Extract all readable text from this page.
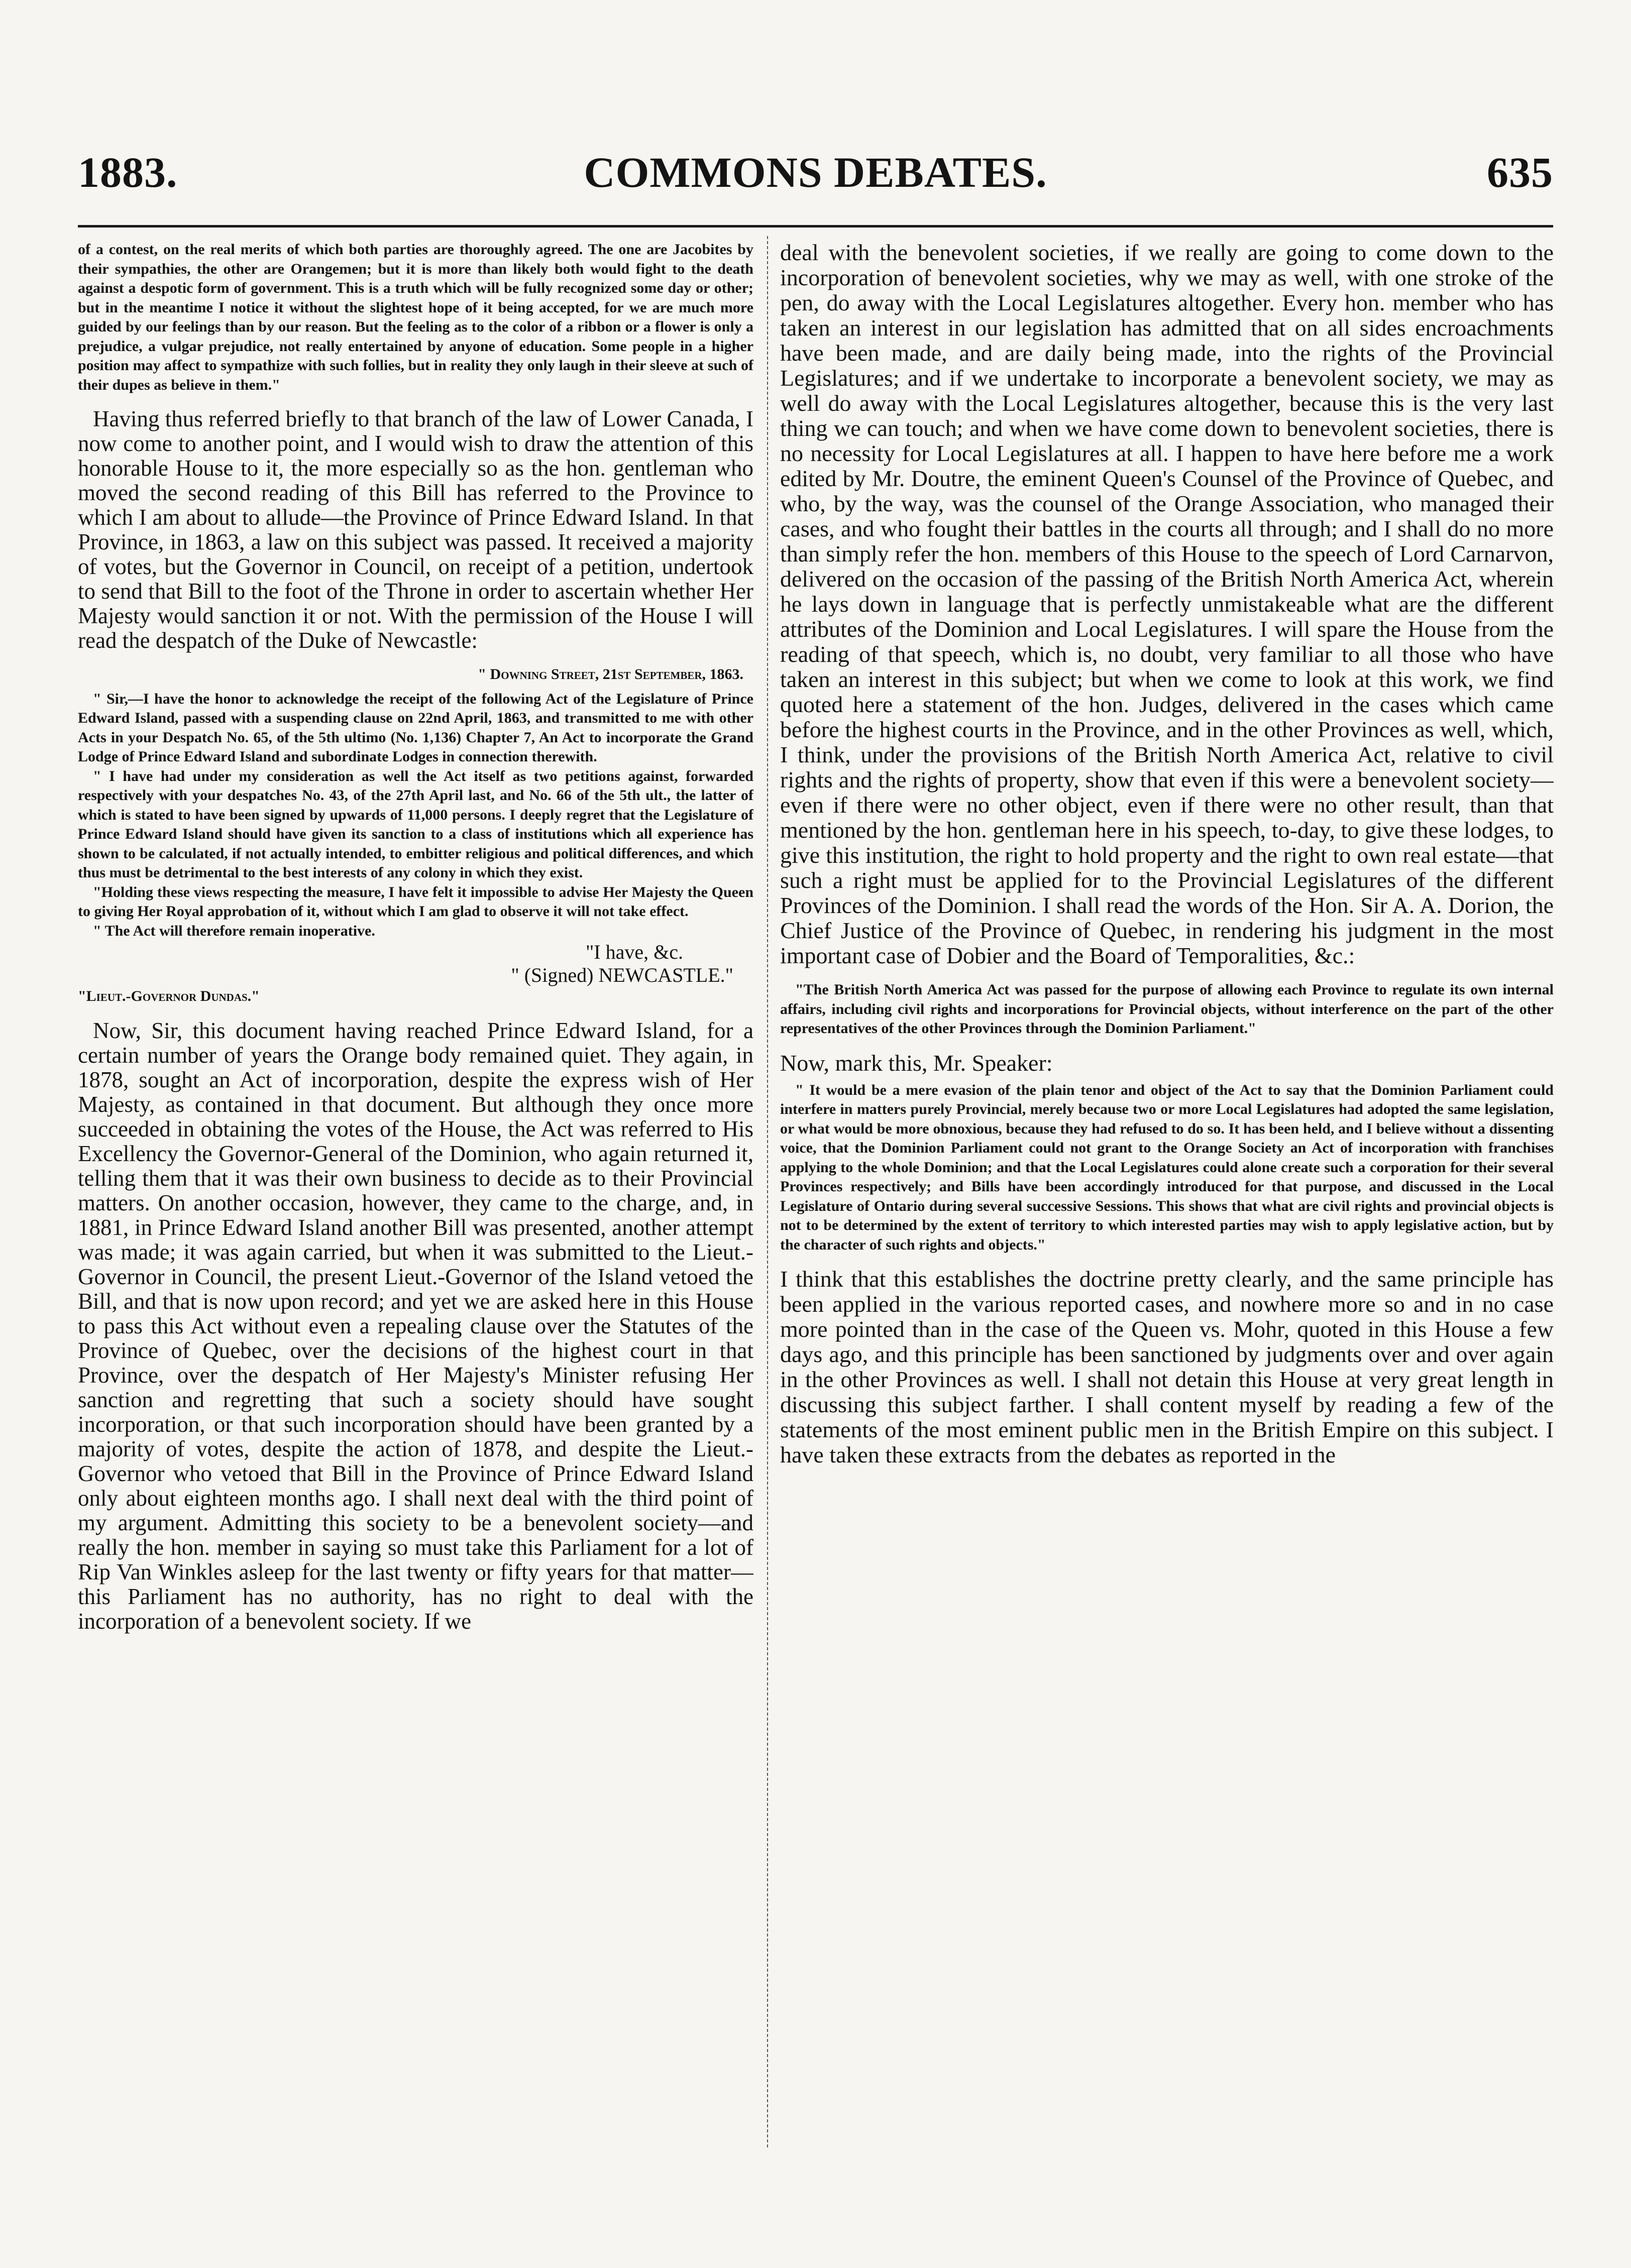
COMMONS DEBATES.
1883.	635

of a contest, on the real merits of which both parties are thoroughly agreed. The one are Jacobites by their sympathies, the other are Orangemen; but it is more than likely both would fight to the death against a despotic form of government. This is a truth which will be fully recognized some day or other; but in the meantime I notice it without the slightest hope of it being accepted, for we are much more guided by our feelings than by our reason. But the feeling as to the color of a ribbon or a flower is only a prejudice, a vulgar prejudice, not really entertained by anyone of education. Some people in a higher position may affect to sympathize with such follies, but in reality they only laugh in their sleeve at such of their dupes as believe in them."

Having thus referred briefly to that branch of the law of Lower Canada, I now come to another point, and I would wish to draw the attention of this honorable House to it, the more especially so as the hon. gentleman who moved the second reading of this Bill has referred to the Province to which I am about to allude—the Province of Prince Edward Island. In that Province, in 1863, a law on this subject was passed. It received a majority of votes, but the Governor in Council, on receipt of a petition, undertook to send that Bill to the foot of the Throne in order to ascertain whether Her Majesty would sanction it or not. With the permission of the House I will read the despatch of the Duke of Newcastle:

" Downing Street, 21st September, 1863.

" Sir,—I have the honor to acknowledge the receipt of the following Act of the Legislature of Prince Edward Island, passed with a suspending clause on 22nd April, 1863, and transmitted to me with other Acts in your Despatch No. 65, of the 5th ultimo (No. 1,136) Chapter 7, An Act to incorporate the Grand Lodge of Prince Edward Island and subordinate Lodges in connection therewith.

" I have had under my consideration as well the Act itself as two petitions against, forwarded respectively with your despatches No. 43, of the 27th April last, and No. 66 of the 5th ult., the latter of which is stated to have been signed by upwards of 11,000 persons. I deeply regret that the Legislature of Prince Edward Island should have given its sanction to a class of institutions which all experience has shown to be calculated, if not actually intended, to embitter religious and political differences, and which thus must be detrimental to the best interests of any colony in which they exist.

"Holding these views respecting the measure, I have felt it impossible to advise Her Majesty the Queen to giving Her Royal approbation of it, without which I am glad to observe it will not take effect.

" The Act will therefore remain inoperative.

"I have, &c.

" (Signed) NEWCASTLE."

"Lieut.-Governor Dundas."

Now, Sir, this document having reached Prince Edward Island, for a certain number of years the Orange body remained quiet. They again, in 1878, sought an Act of incorporation, despite the express wish of Her Majesty, as contained in that document. But although they once more succeeded in obtaining the votes of the House, the Act was referred to His Excellency the Governor-General of the Dominion, who again returned it, telling them that it was their own business to decide as to their Provincial matters. On another occasion, however, they came to the charge, and, in 1881, in Prince Edward Island another Bill was presented, another attempt was made; it was again carried, but when it was submitted to the Lieut.-Governor in Council, the present Lieut.-Governor of the Island vetoed the Bill, and that is now upon record; and yet we are asked here in this House to pass this Act without even a repealing clause over the Statutes of the Province of Quebec, over the decisions of the highest court in that Province, over the despatch of Her Majesty's Minister refusing Her sanction and regretting that such a society should have sought incorporation, or that such incorporation should have been granted by a majority of votes, despite the action of 1878, and despite the Lieut.-Governor who vetoed that Bill in the Province of Prince Edward Island only about eighteen months ago. I shall next deal with the third point of my argument. Admitting this society to be a benevolent society—and really the hon. member in saying so must take this Parliament for a lot of Rip Van Winkles asleep for the last twenty or fifty years for that matter—this Parliament has no authority, has no right to deal with the incorporation of a benevolent society. If we

deal with the benevolent societies, if we really are going to come down to the incorporation of benevolent societies, why we may as well, with one stroke of the pen, do away with the Local Legislatures altogether. Every hon. member who has taken an interest in our legislation has admitted that on all sides encroachments have been made, and are daily being made, into the rights of the Provincial Legislatures; and if we undertake to incorporate a benevolent society, we may as well do away with the Local Legislatures altogether, because this is the very last thing we can touch; and when we have come down to benevolent societies, there is no necessity for Local Legislatures at all. I happen to have here before me a work edited by Mr. Doutre, the eminent Queen's Counsel of the Province of Quebec, and who, by the way, was the counsel of the Orange Association, who managed their cases, and who fought their battles in the courts all through; and I shall do no more than simply refer the hon. members of this House to the speech of Lord Carnarvon, delivered on the occasion of the passing of the British North America Act, wherein he lays down in language that is perfectly unmistakeable what are the different attributes of the Dominion and Local Legislatures. I will spare the House from the reading of that speech, which is, no doubt, very familiar to all those who have taken an interest in this subject; but when we come to look at this work, we find quoted here a statement of the hon. Judges, delivered in the cases which came before the highest courts in the Province, and in the other Provinces as well, which, I think, under the provisions of the British North America Act, relative to civil rights and the rights of property, show that even if this were a benevolent society—even if there were no other object, even if there were no other result, than that mentioned by the hon. gentleman here in his speech, to-day, to give these lodges, to give this institution, the right to hold property and the right to own real estate—that such a right must be applied for to the Provincial Legislatures of the different Provinces of the Dominion. I shall read the words of the Hon. Sir A. A. Dorion, the Chief Justice of the Province of Quebec, in rendering his judgment in the most important case of Dobier and the Board of Temporalities, &c.:

"The British North America Act was passed for the purpose of allowing each Province to regulate its own internal affairs, including civil rights and incorporations for Provincial objects, without interference on the part of the other representatives of the other Provinces through the Dominion Parliament."

Now, mark this, Mr. Speaker:

" It would be a mere evasion of the plain tenor and object of the Act to say that the Dominion Parliament could interfere in matters purely Provincial, merely because two or more Local Legislatures had adopted the same legislation, or what would be more obnoxious, because they had refused to do so. It has been held, and I believe without a dissenting voice, that the Dominion Parliament could not grant to the Orange Society an Act of incorporation with franchises applying to the whole Dominion; and that the Local Legislatures could alone create such a corporation for their several Provinces respectively; and Bills have been accordingly introduced for that purpose, and discussed in the Local Legislature of Ontario during several successive Sessions. This shows that what are civil rights and provincial objects is not to be determined by the extent of territory to which interested parties may wish to apply legislative action, but by the character of such rights and objects."

I think that this establishes the doctrine pretty clearly, and the same principle has been applied in the various reported cases, and nowhere more so and in no case more pointed than in the case of the Queen vs. Mohr, quoted in this House a few days ago, and this principle has been sanctioned by judgments over and over again in the other Provinces as well. I shall not detain this House at very great length in discussing this subject farther. I shall content myself by reading a few of the statements of the most eminent public men in the British Empire on this subject. I have taken these extracts from the debates as reported in the
